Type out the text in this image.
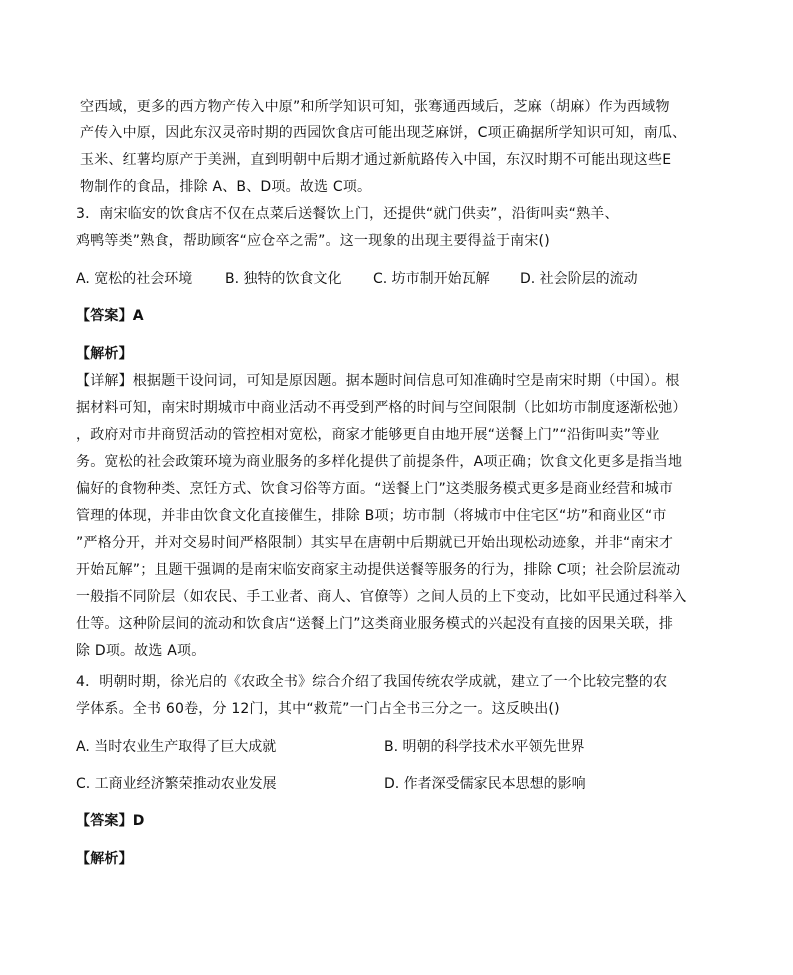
空西域，更多的西方物产传入中原”和所学知识可知，张骞通西域后，芝麻（胡麻）作为西域物
产传入中原，因此东汉灵帝时期的西园饮食店可能出现芝麻饼，C项正确据所学知识可知，南瓜、
玉米、红薯均原产于美洲，直到明朝中后期才通过新航路传入中国，东汉时期不可能出现这些E
物制作的食品，排除 A、B、D项。故选 C项。
3．南宋临安的饮食店不仅在点菜后送餐饮上门，还提供“就门供卖”，沿街叫卖“熟羊、
鸡鸭等类”熟食，帮助顾客“应仓卒之需”。这一现象的出现主要得益于南宋()
A. 宽松的社会环境 B. 独特的饮食文化 C. 坊市制开始瓦解 D. 社会阶层的流动
【答案】A
【解析】
【详解】根据题干设问词，可知是原因题。据本题时间信息可知准确时空是南宋时期（中国）。根
据材料可知，南宋时期城市中商业活动不再受到严格的时间与空间限制（比如坊市制度逐渐松弛）
，政府对市井商贸活动的管控相对宽松，商家才能够更自由地开展“送餐上门”“沿街叫卖”等业
务。宽松的社会政策环境为商业服务的多样化提供了前提条件，A项正确；饮食文化更多是指当地
偏好的食物种类、烹饪方式、饮食习俗等方面。“送餐上门”这类服务模式更多是商业经营和城市
管理的体现，并非由饮食文化直接催生，排除 B项；坊市制（将城市中住宅区“坊”和商业区“市
”严格分开，并对交易时间严格限制）其实早在唐朝中后期就已开始出现松动迹象，并非“南宋才
开始瓦解”；且题干强调的是南宋临安商家主动提供送餐等服务的行为，排除 C项；社会阶层流动
一般指不同阶层（如农民、手工业者、商人、官僚等）之间人员的上下变动，比如平民通过科举入
仕等。这种阶层间的流动和饮食店“送餐上门”这类商业服务模式的兴起没有直接的因果关联，排
除 D项。故选 A项。
4．明朝时期，徐光启的《农政全书》综合介绍了我国传统农学成就，建立了一个比较完整的农
学体系。全书 60卷，分 12门，其中“救荒”一门占全书三分之一。这反映出()
A. 当时农业生产取得了巨大成就	B. 明朝的科学技术水平领先世界
C. 工商业经济繁荣推动农业发展	D. 作者深受儒家民本思想的影响
【答案】D
【解析】
